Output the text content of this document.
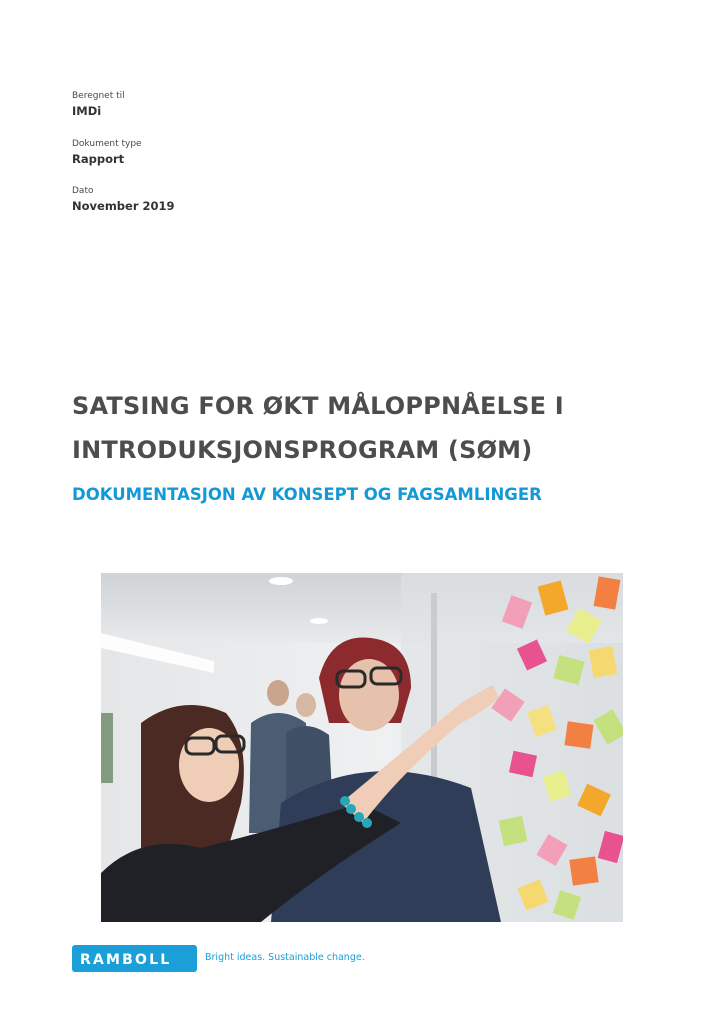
Beregnet til
IMDi
Dokument type
Rapport
Dato
November 2019
SATSING FOR ØKT MÅLOPPNÅELSE I
INTRODUKSJONSPROGRAM (SØM)
DOKUMENTASJON AV KONSEPT OG FAGSAMLINGER
RAMBOLL	Bright ideas. Sustainable change.
